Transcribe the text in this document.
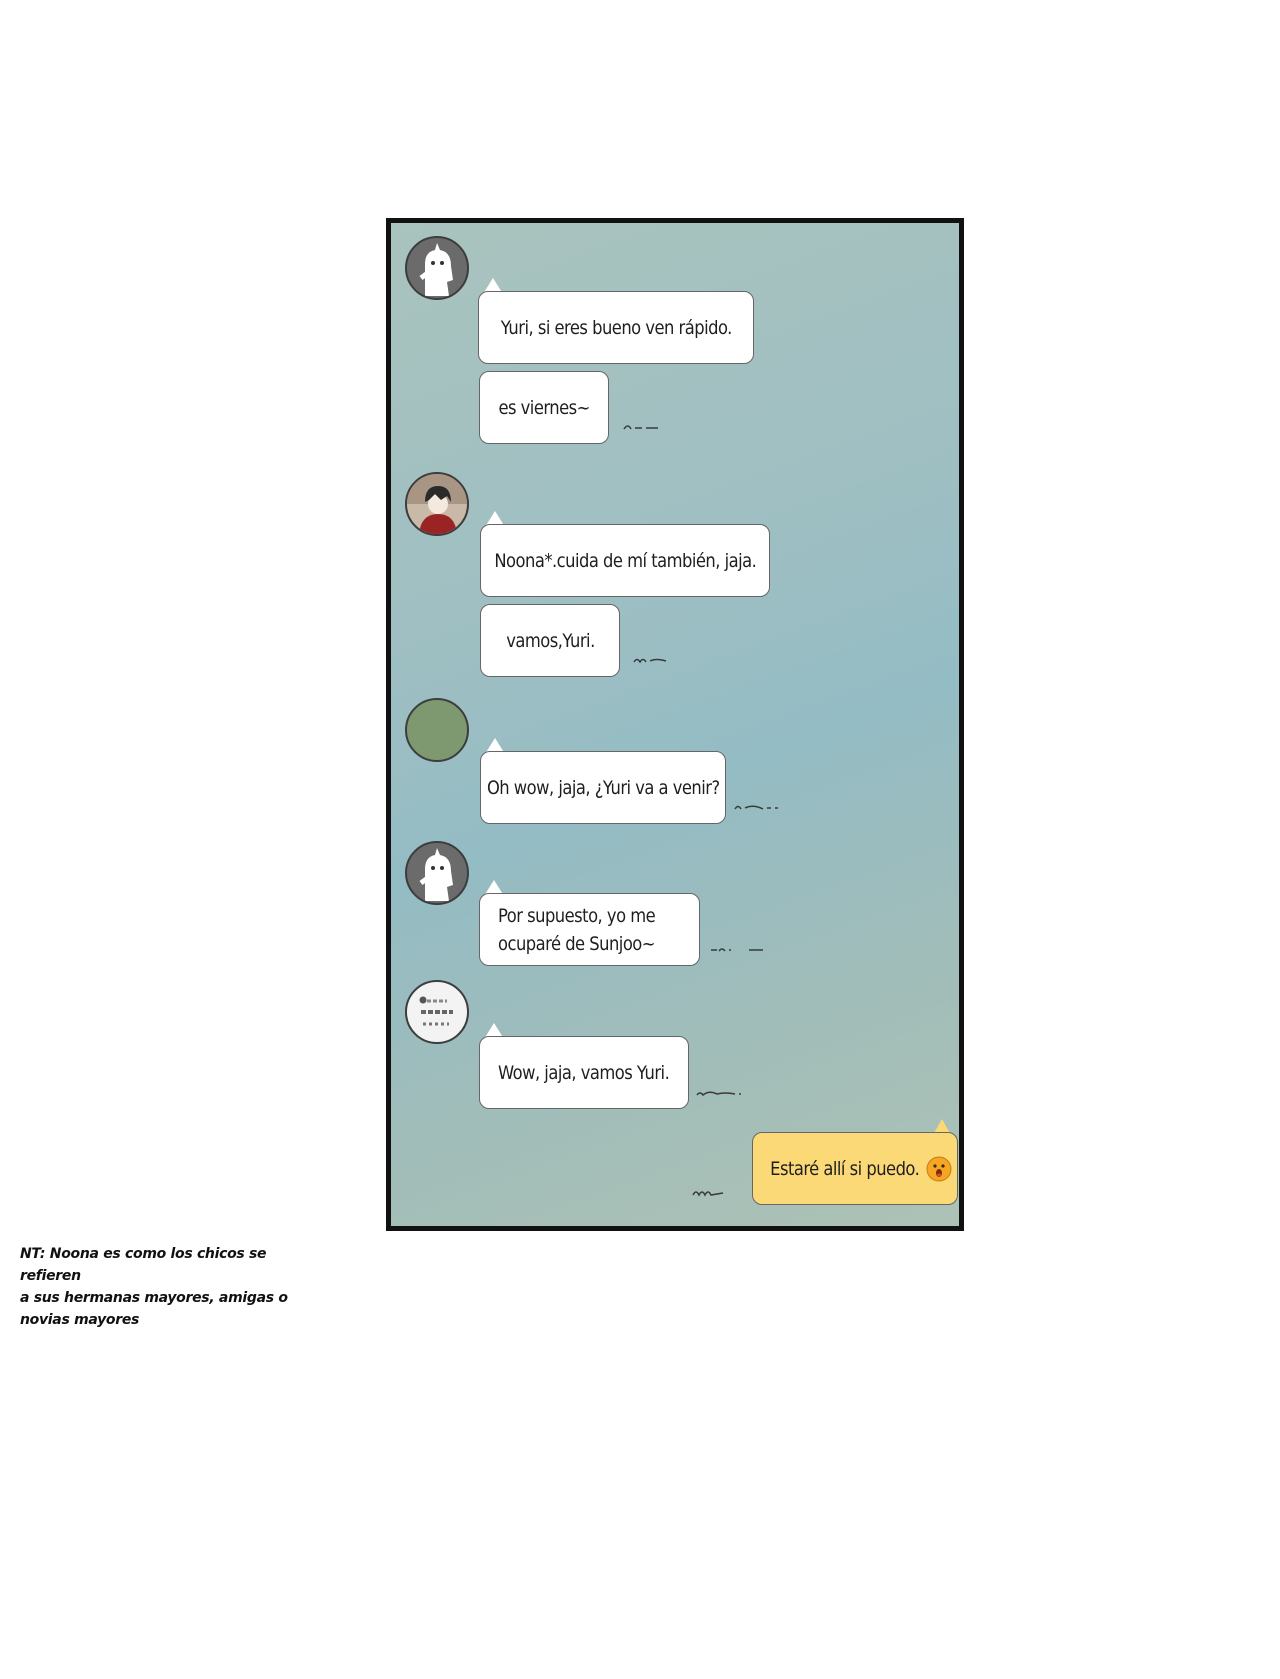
Yuri, si eres bueno ven rápido.
es viernes~
Noona*.cuida de mí también, jaja.
vamos,Yuri.
Oh wow, jaja, ¿Yuri va a venir?
Por supuesto, yo me
ocuparé de Sunjoo~
Wow, jaja, vamos Yuri.
Estaré allí si puedo.
NT: Noona es como los chicos se refieren
a sus hermanas mayores, amigas o
novias mayores
